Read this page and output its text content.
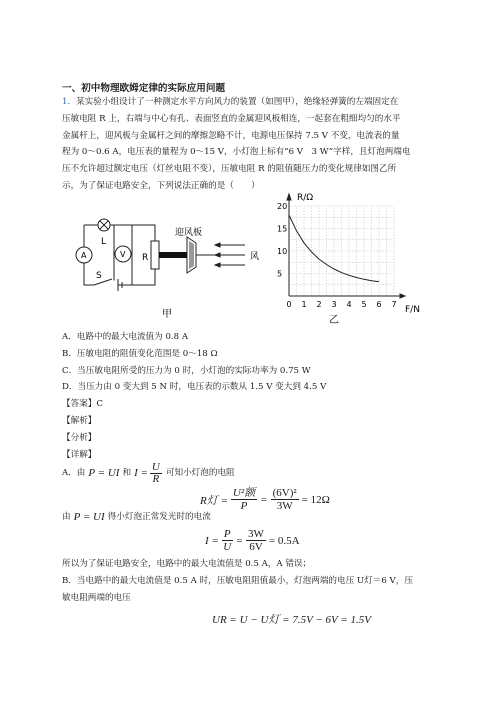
一、初中物理欧姆定律的实际应用问题
1．某实验小组设计了一种测定水平方向风力的装置（如图甲），绝缘轻弹簧的左端固定在
压敏电阻 R 上，右端与中心有孔、表面竖直的金属迎风板相连，一起套在粗细均匀的水平
金属杆上，迎风板与金属杆之间的摩擦忽略不计，电源电压保持 7.5 V 不变，电流表的量
程为 0～0.6 A，电压表的量程为 0～15 V，小灯泡上标有“6 V　3 W”字样，且灯泡两端电
压不允许超过额定电压（灯丝电阻不变），压敏电阻 R 的阻值随压力的变化规律如图乙所
示，为了保证电路安全，下列说法正确的是（　　）
L
V
A
S
R
迎风板
风
甲
5
10
15
20
0 1 2 3 4 5 6 7
R/Ω
F/N
乙
A．电路中的最大电流值为 0.8 A
B．压敏电阻的阻值变化范围是 0～18 Ω
C．当压敏电阻所受的压力为 0 时，小灯泡的实际功率为 0.75 W
D．当压力由 0 变大到 5 N 时，电压表的示数从 1.5 V 变大到 4.5 V
【答案】C
【解析】
【分析】
【详解】
A．由 P = UI 和 $I = \frac{U}{R}$ 可知小灯泡的电阻
R灯 =
U²额
P
= $\frac{\text{(6V)²}}{3W} = 12\Omega$
由 P = UI 得小灯泡正常发光时的电流
$I = \frac{P}{U} = \frac{3W}{6V} = 0.5A$
所以为了保证电路安全，电路中的最大电流值是 0.5 A，A 错误；
B．当电路中的最大电流值是 0.5 A 时，压敏电阻阻值最小，灯泡两端的电压 U灯＝6 V，压
敏电阻两端的电压
UR = U − U灯 = 7.5V − 6V = 1.5V
